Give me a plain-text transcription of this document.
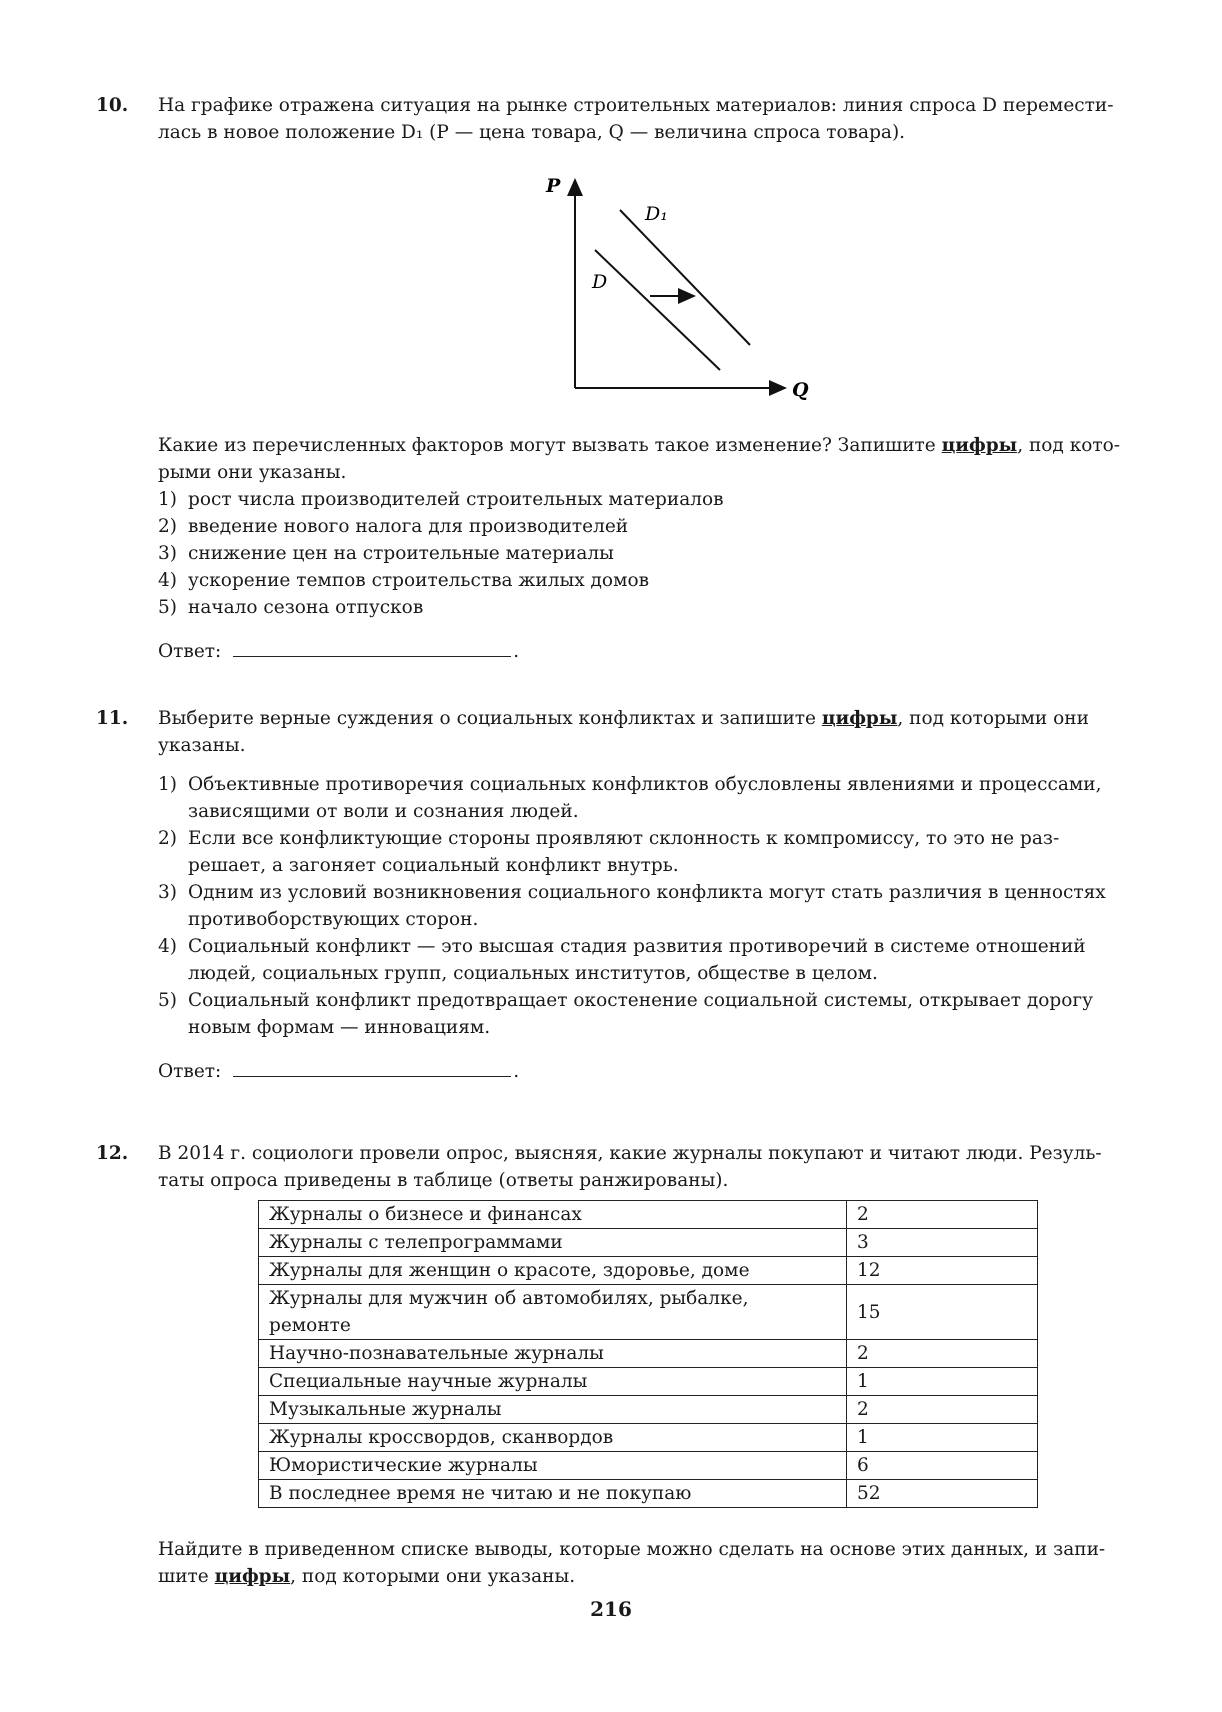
10. На графике отражена ситуация на рынке строительных материалов: линия спроса D перемести-
лась в новое положение D₁ (P — цена товара, Q — величина спроса товара).
P
Q
D
D₁
Какие из перечисленных факторов могут вызвать такое изменение? Запишите цифры, под кото-
рыми они указаны.
1) рост числа производителей строительных материалов
2) введение нового налога для производителей
3) снижение цен на строительные материалы
4) ускорение темпов строительства жилых домов
5) начало сезона отпусков
Ответ:	.
11. Выберите верные суждения о социальных конфликтах и запишите цифры, под которыми они
указаны.
1) Объективные противоречия социальных конфликтов обусловлены явлениями и процессами,
зависящими от воли и сознания людей.
2) Если все конфликтующие стороны проявляют склонность к компромиссу, то это не раз-
решает, а загоняет социальный конфликт внутрь.
3) Одним из условий возникновения социального конфликта могут стать различия в ценностях
противоборствующих сторон.
4) Социальный конфликт — это высшая стадия развития противоречий в системе отношений
людей, социальных групп, социальных институтов, обществе в целом.
5) Социальный конфликт предотвращает окостенение социальной системы, открывает дорогу
новым формам — инновациям.
Ответ:	.
12. В 2014 г. социологи провели опрос, выясняя, какие журналы покупают и читают люди. Резуль-
таты опроса приведены в таблице (ответы ранжированы).
Журналы о бизнесе и финансах	2
Журналы с телепрограммами	3
Журналы для женщин о красоте, здоровье, доме	12
Журналы для мужчин об автомобилях, рыбалке, ремонте	15
Научно-познавательные журналы	2
Специальные научные журналы	1
Музыкальные журналы	2
Журналы кроссвордов, сканвордов	1
Юмористические журналы	6
В последнее время не читаю и не покупаю	52
Найдите в приведенном списке выводы, которые можно сделать на основе этих данных, и запи-
шите цифры, под которыми они указаны.
216
